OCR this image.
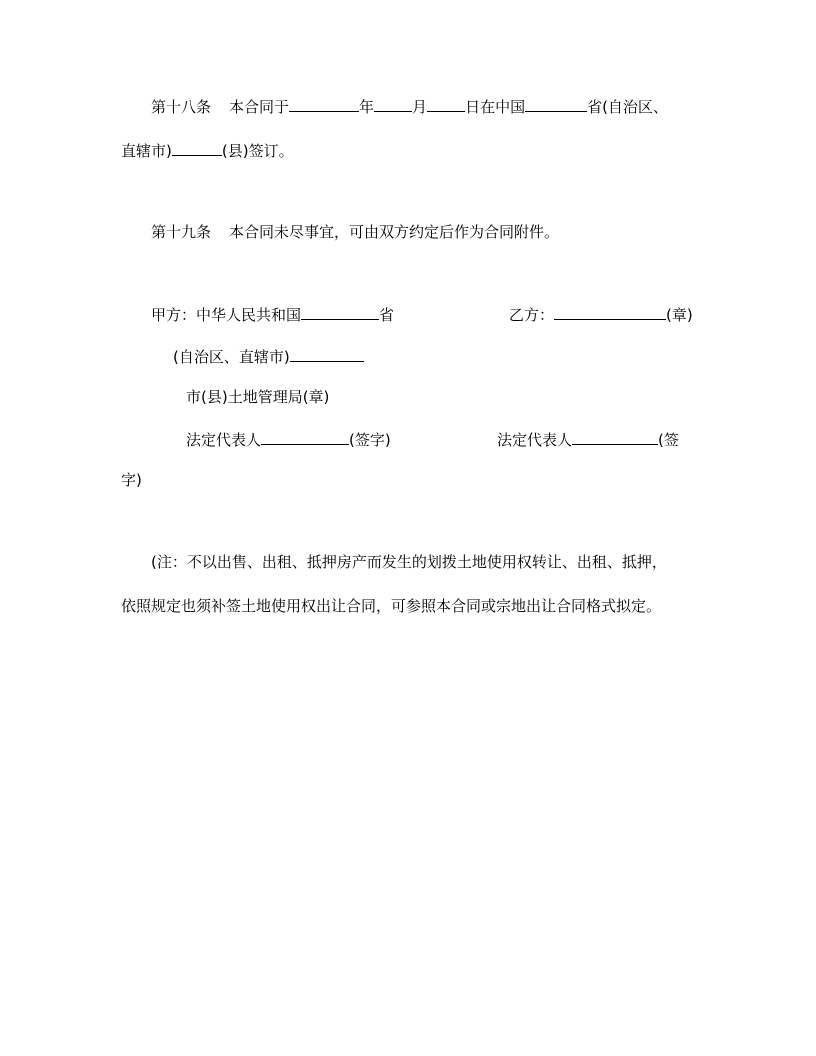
第十八条 本合同于	年	月	日在中国	省(自治区、
直辖市)	(县)签订。
第十九条 本合同未尽事宜，可由双方约定后作为合同附件。
甲方：中华人民共和国	省	乙方：	(章)
(自治区、直辖市)
市(县)土地管理局(章)
法定代表人	(签字)	法定代表人	(签
字)
(注：不以出售、出租、抵押房产而发生的划拨土地使用权转让、出租、抵押，
依照规定也须补签土地使用权出让合同，可参照本合同或宗地出让合同格式拟定。
